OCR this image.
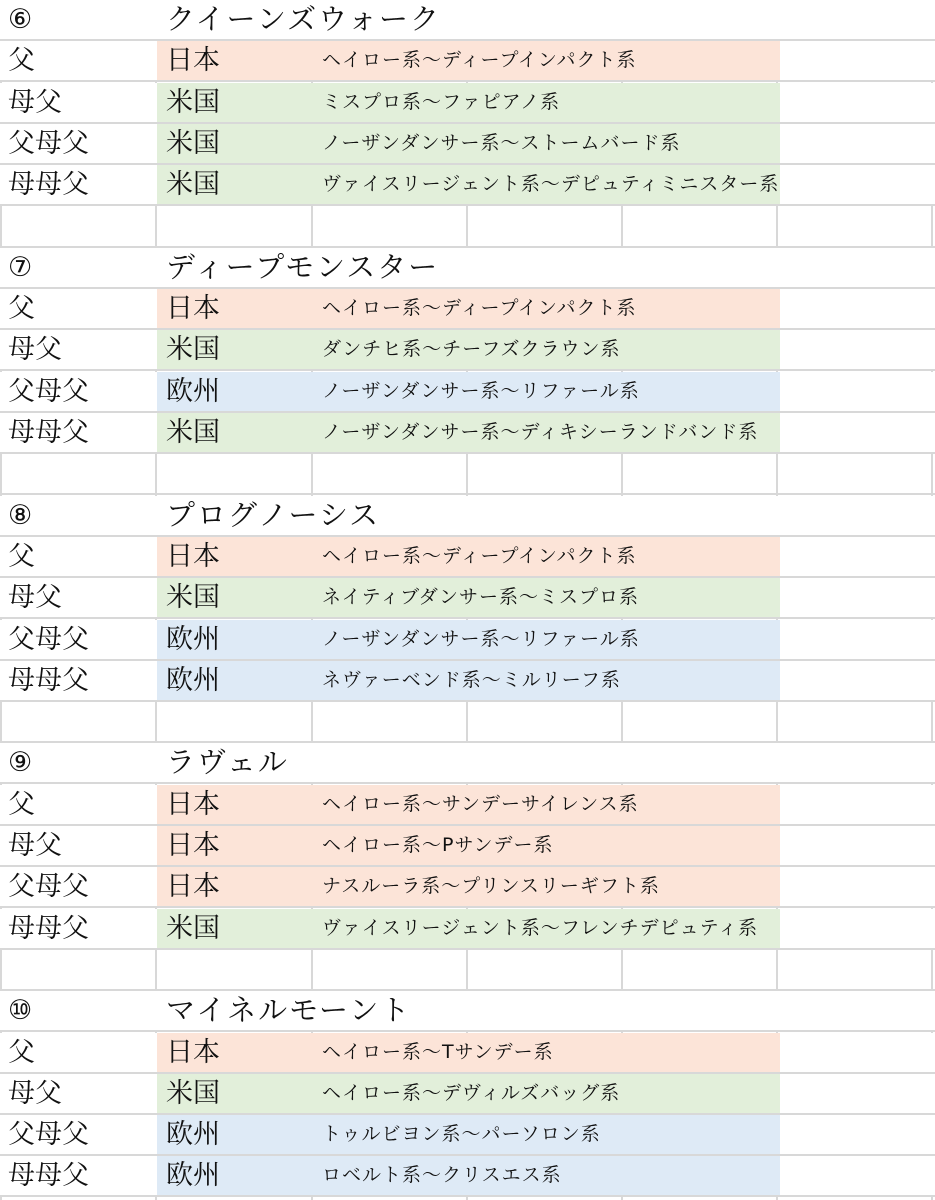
⑥	クイーンズウォーク
父	日本	ヘイロー系〜ディープインパクト系
母父	米国	ミスプロ系〜ファピアノ系
父母父	米国	ノーザンダンサー系〜ストームバード系
母母父	米国	ヴァイスリージェント系〜デピュティミニスター系
⑦	ディープモンスター
父	日本	ヘイロー系〜ディープインパクト系
母父	米国	ダンチヒ系〜チーフズクラウン系
父母父	欧州	ノーザンダンサー系〜リファール系
母母父	米国	ノーザンダンサー系〜ディキシーランドバンド系
⑧	プログノーシス
父	日本	ヘイロー系〜ディープインパクト系
母父	米国	ネイティブダンサー系〜ミスプロ系
父母父	欧州	ノーザンダンサー系〜リファール系
母母父	欧州	ネヴァーベンド系〜ミルリーフ系
⑨	ラヴェル
父	日本	ヘイロー系〜サンデーサイレンス系
母父	日本	ヘイロー系〜Pサンデー系
父母父	日本	ナスルーラ系〜プリンスリーギフト系
母母父	米国	ヴァイスリージェント系〜フレンチデピュティ系
⑩	マイネルモーント
父	日本	ヘイロー系〜Tサンデー系
母父	米国	ヘイロー系〜デヴィルズバッグ系
父母父	欧州	トゥルビヨン系〜パーソロン系
母母父	欧州	ロベルト系〜クリスエス系
